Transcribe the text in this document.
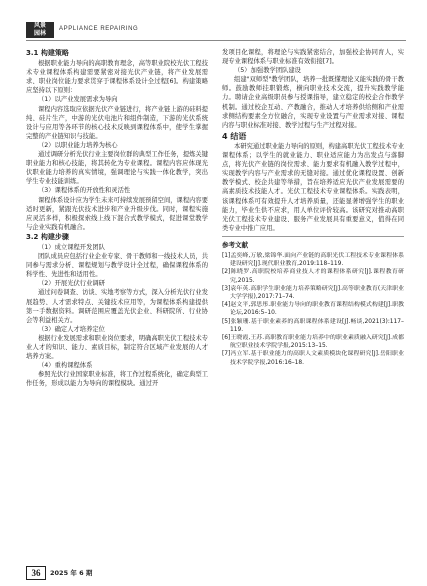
风景
园林
APPLIANCE REPAIRING

3.1 构建策略

根据职业能力导向的高职教育理念，高等职业院校光伏工程技术专业课程体系构建需要紧密对接光伏产业链，将产业发展需求、职业岗位能力要求贯穿于课程体系设计全过程[6]。构建策略应坚持以下原则：

（1）以产业发展需求为导向

课程内容选取应依据光伏产业链进行，将产业链上游的硅料提纯、硅片生产，中游的光伏电池片和组件制造，下游的光伏系统设计与应用等各环节的核心技术反映到课程体系中，使学生掌握完整的产业链知识与技能。

（2）以职业能力培养为核心

通过调研分析光伏行业主要岗位群的典型工作任务，提炼关键职业能力和核心技能，将其转化为专业课程。课程内容应体现光伏职业能力培养的真实情境，强调理论与实践一体化教学，突出学生专业技能训练。

（3）课程体系的开放性和灵活性

课程体系设计应为学生未来可持续发展预留空间，课程内容要适时更新，紧跟光伏技术进步和产业升级步伐。同时，课程实施应灵活多样，积极探索线上线下混合式教学模式，促进课堂教学与企业实践有机融合。

3.2 构建步骤

（1）成立课程开发团队

团队成员应包括行业企业专家、骨干教师和一线技术人员，共同参与需求分析、课程规划与教学设计全过程，确保课程体系的科学性、先进性和适用性。

（2）开展光伏行业调研

通过问卷调查、访谈、实地考察等方式，深入分析光伏行业发展趋势、人才需求特点、关键技术应用等，为课程体系构建提供第一手数据资料。调研范围应覆盖光伏企业、科研院所、行业协会等利益相关方。

（3）确定人才培养定位

根据行业发展需求和职业岗位要求，明确高职光伏工程技术专业人才的知识、能力、素质目标，制定符合区域产业发展的人才培养方案。

（4）重构课程体系

参照光伏行业国家职业标准，将工作过程系统化，确定典型工作任务，形成以能力为导向的课程模块。通过开

发项目化课程，将理论与实践紧密结合，加强校企协同育人，实现专业课程体系与职业标准有效衔接[7]。

（5）加强教学团队建设

组建"双师型"教学团队，培养一批既懂理论又能实践的骨干教师。鼓励教师挂职锻炼，横向职业技术交流，提升实践教学能力。聘请企业高级职员参与授课指导，建立稳定的校企合作教学机制。通过校企互动、产教融合，推动人才培养供给侧和产业需求侧结构要素全方位融合，实现专业设置与产业需求对接、课程内容与职业标准对接、教学过程与生产过程对接。

4 结语

本研究通过职业能力导向的原则，构建高职光伏工程技术专业课程体系；以学生的就业能力、职业适应能力为出发点与落脚点，将光伏产业链的岗位需求、能力要求有机融入教学过程中，实现教学内容与产业需求的无缝对接。通过优化课程设置、创新教学模式、校企共建等举措，旨在培养适应光伏产业发展需要的高素质技术技能人才。光伏工程技术专业课程体系。实践表明，该课程体系可有效提升人才培养质量，还能显著增强学生的职业能力，毕业生供不应求，用人单位评价较高。该研究对推动高职光伏工程技术专业建设、服务产业发展具有重要意义，值得在同类专业中推广应用。

参考文献

[1]孟奕峰,万敏,梁锦华.面向产业链的高职光伏工程技术专业课程体系建设研究[J].现代职业教育,2019:118–119.

[2]陈晓罗.高职院校培养商业技人才的课程体系研究[J].课程教育研究,2015.

[3]袁年英.高职学生职业能力培养策略研究[J].高等职业教育(天津职业大学学报),2017:71–74.

[4]赵文平,郭思彤.职业能力导向的职业教育课程结构模式构建[J].职教论坛,2016:5–10.

[5]张颖珊.基于职业素养的高职课程体系建设[J].畅谈,2021(3):117–119.

[6]王晓霞,王苏.高职教育职业能力培养中的职业素质融入研究[J].成都航空职业技术学院学报,2015:13–15.

[7]冯立军.基于职业能力的高职人文素质模块化课程研究[J].岳阳职业技术学院学报,2016:16–18.

36	2025 年 6 期
